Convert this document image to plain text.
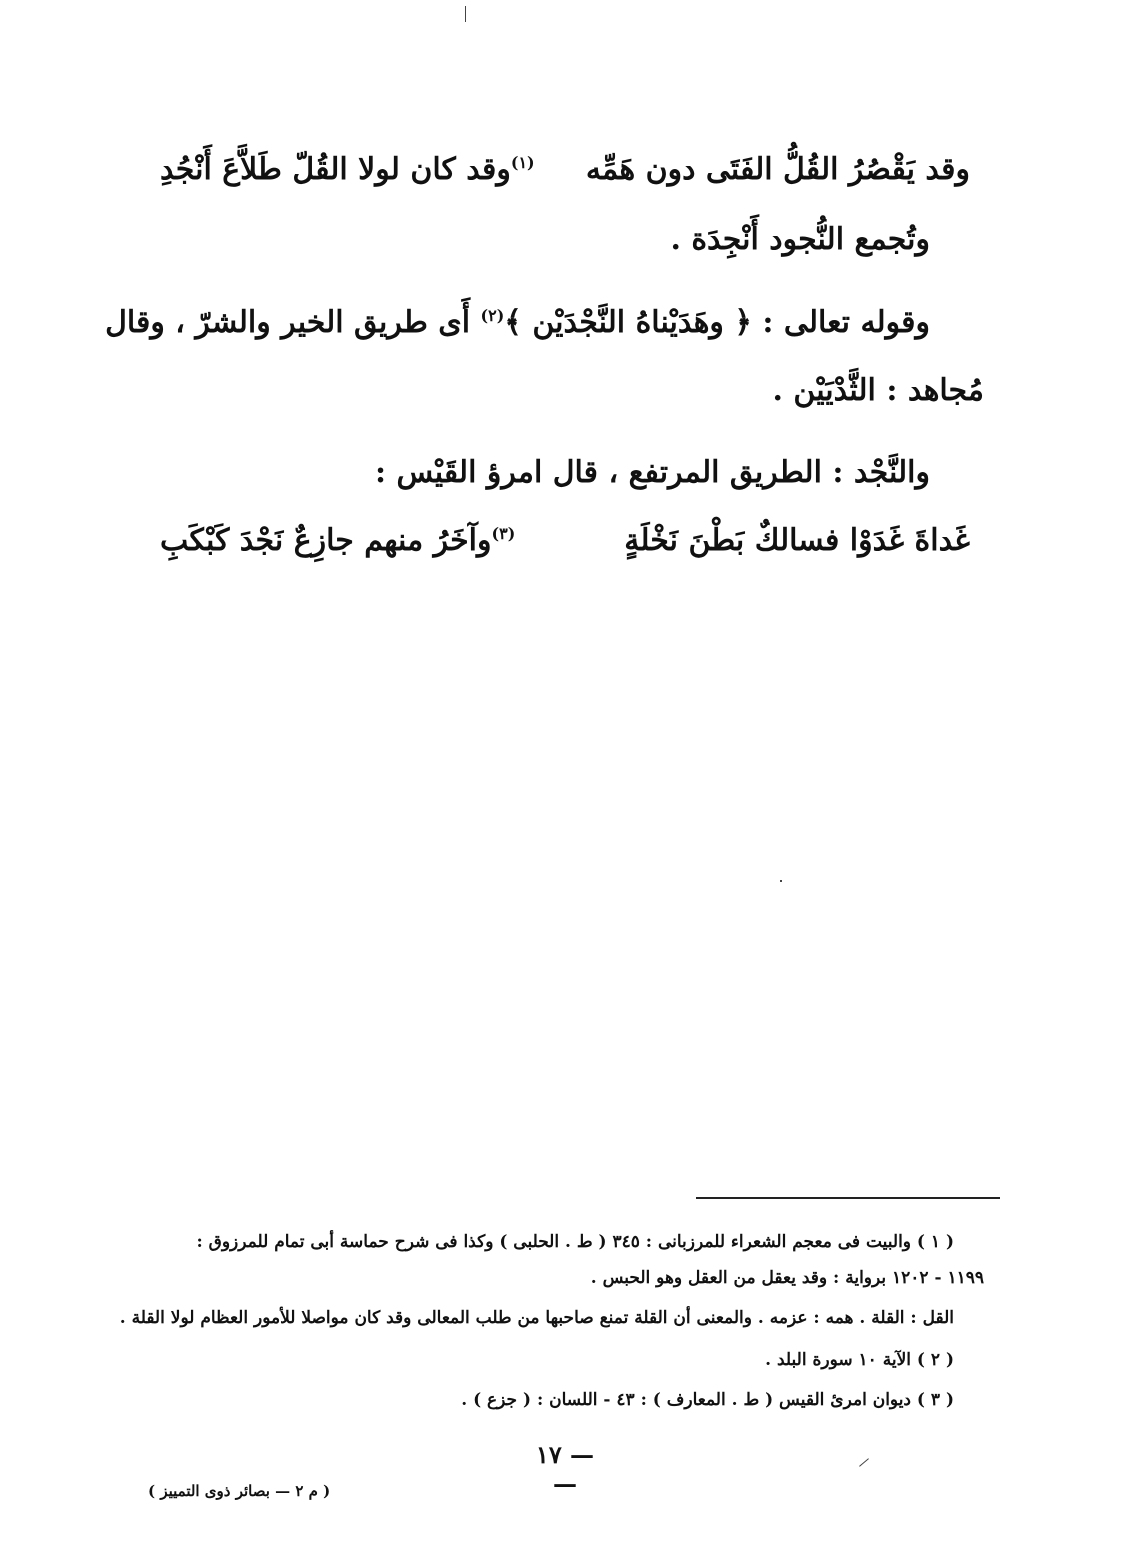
وقد يَقْصُرُ القُلُّ الفَتَى دون هَمِّه
$^{(١)}$وقد كان لولا القُلّ طَلاَّعَ أَنْجُدِ
وتُجمع النُّجود أَنْجِدَة .
وقوله تعالى : ﴿ وهَدَيْناهُ النَّجْدَيْن ﴾$^{(٢)}$ أَى طريق الخير والشرّ ، وقال
مُجاهد : الثَّدْيَيْن .
والنَّجْد : الطريق المرتفع ، قال امرؤ القَيْس :
غَداةَ غَدَوْا فسالكٌ بَطْنَ نَخْلَةٍ
$^{(٣)}$وآخَرُ منهم جازِعٌ نَجْدَ كَبْكَبِ
( ١ ) والبيت فى معجم الشعراء للمرزبانى : ٣٤٥ ( ط . الحلبى ) وكذا فى شرح حماسة أبى تمام للمرزوق :
١١٩٩ - ١٢٠٢ برواية : وقد يعقل من العقل وهو الحبس .
القل : القلة . همه : عزمه . والمعنى أن القلة تمنع صاحبها من طلب المعالى وقد كان مواصلا للأمور العظام لولا القلة .
( ٢ ) الآية ١٠ سورة البلد .
( ٣ ) ديوان امرئ القيس ( ط . المعارف ) : ٤٣ - اللسان : ( جزع ) .
— ١٧ —
( م ٢ — بصائر ذوى التمييز )
